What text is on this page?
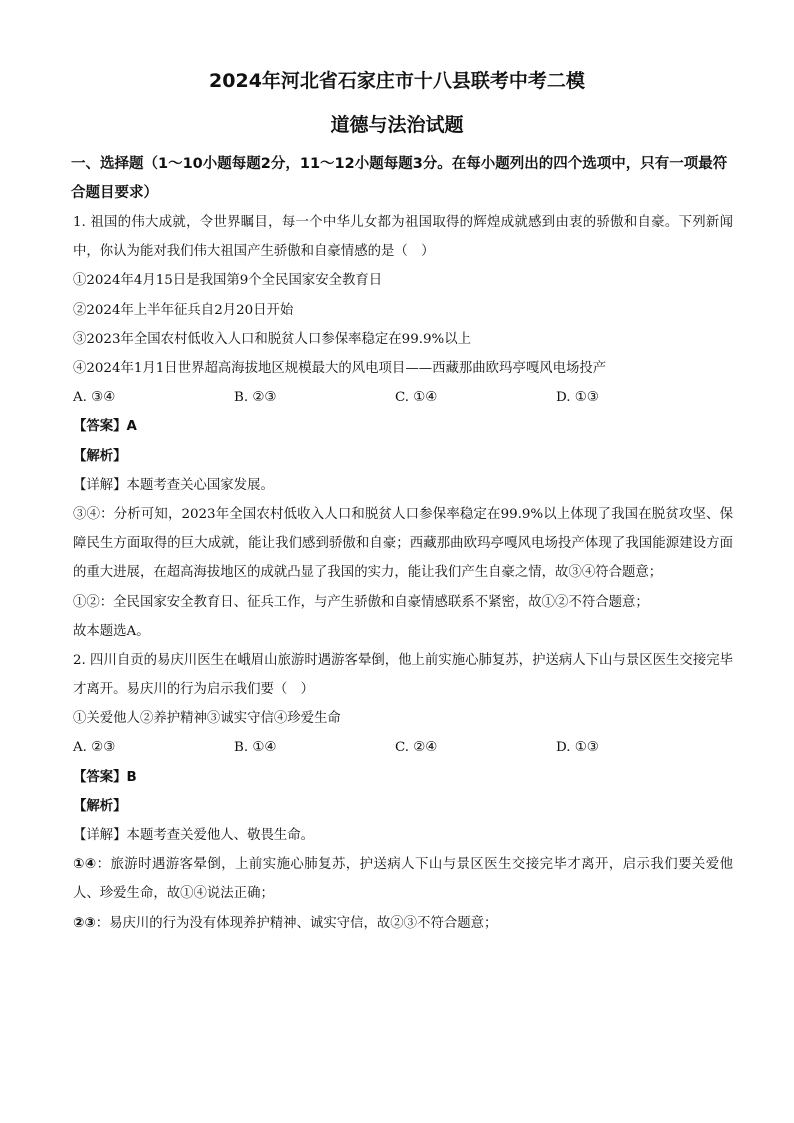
2024年河北省石家庄市十八县联考中考二模
道德与法治试题
一、选择题（1～10小题每题2分，11～12小题每题3分。在每小题列出的四个选项中，只有一项最符合题目要求）
1. 祖国的伟大成就，令世界瞩目，每一个中华儿女都为祖国取得的辉煌成就感到由衷的骄傲和自豪。下列新闻中，你认为能对我们伟大祖国产生骄傲和自豪情感的是（　）
①2024年4月15日是我国第9个全民国家安全教育日
②2024年上半年征兵自2月20日开始
③2023年全国农村低收入人口和脱贫人口参保率稳定在99.9%以上
④2024年1月1日世界超高海拔地区规模最大的风电项目——西藏那曲欧玛亭嘎风电场投产
A. ③④	B. ②③	C. ①④	D. ①③
【答案】A
【解析】
【详解】本题考查关心国家发展。
③④：分析可知，2023年全国农村低收入人口和脱贫人口参保率稳定在99.9%以上体现了我国在脱贫攻坚、保障民生方面取得的巨大成就，能让我们感到骄傲和自豪；西藏那曲欧玛亭嘎风电场投产体现了我国能源建设方面的重大进展，在超高海拔地区的成就凸显了我国的实力，能让我们产生自豪之情，故③④符合题意；
①②：全民国家安全教育日、征兵工作，与产生骄傲和自豪情感联系不紧密，故①②不符合题意；
故本题选A。
2. 四川自贡的易庆川医生在峨眉山旅游时遇游客晕倒，他上前实施心肺复苏，护送病人下山与景区医生交接完毕才离开。易庆川的行为启示我们要（　）
①关爱他人②养护精神③诚实守信④珍爱生命
A. ②③	B. ①④	C. ②④	D. ①③
【答案】B
【解析】
【详解】本题考查关爱他人、敬畏生命。
①④：旅游时遇游客晕倒，上前实施心肺复苏，护送病人下山与景区医生交接完毕才离开，启示我们要关爱他人、珍爱生命，故①④说法正确；
②③：易庆川的行为没有体现养护精神、诚实守信，故②③不符合题意；
